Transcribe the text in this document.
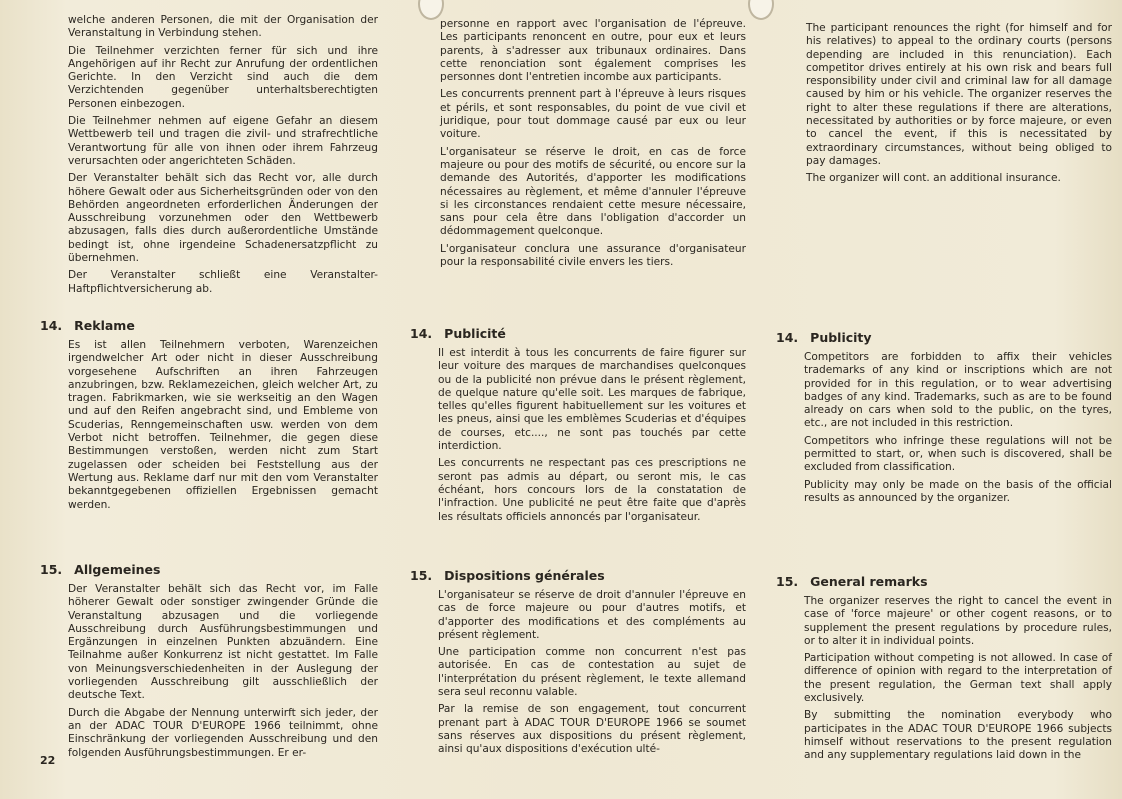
welche anderen Personen, die mit der Organisation der Veranstaltung in Verbindung stehen.

Die Teilnehmer verzichten ferner für sich und ihre Angehörigen auf ihr Recht zur Anrufung der ordentlichen Gerichte. In den Verzicht sind auch die dem Verzichtenden gegenüber unterhaltsberechtigten Personen einbezogen.

Die Teilnehmer nehmen auf eigene Gefahr an diesem Wettbewerb teil und tragen die zivil- und strafrechtliche Verantwortung für alle von ihnen oder ihrem Fahrzeug verursachten oder angerichteten Schäden.

Der Veranstalter behält sich das Recht vor, alle durch höhere Gewalt oder aus Sicherheitsgründen oder von den Behörden angeordneten erforderlichen Änderungen der Ausschreibung vorzunehmen oder den Wettbewerb abzusagen, falls dies durch außerordentliche Umstände bedingt ist, ohne irgendeine Schadenersatzpflicht zu übernehmen.

Der Veranstalter schließt eine Veranstalter-Haftpflichtversicherung ab.

14. Reklame

Es ist allen Teilnehmern verboten, Warenzeichen irgendwelcher Art oder nicht in dieser Ausschreibung vorgesehene Aufschriften an ihren Fahrzeugen anzubringen, bzw. Reklamezeichen, gleich welcher Art, zu tragen. Fabrikmarken, wie sie werkseitig an den Wagen und auf den Reifen angebracht sind, und Embleme von Scuderias, Renngemeinschaften usw. werden von dem Verbot nicht betroffen. Teilnehmer, die gegen diese Bestimmungen verstoßen, werden nicht zum Start zugelassen oder scheiden bei Feststellung aus der Wertung aus. Reklame darf nur mit den vom Veranstalter bekanntgegebenen offiziellen Ergebnissen gemacht werden.

15. Allgemeines

Der Veranstalter behält sich das Recht vor, im Falle höherer Gewalt oder sonstiger zwingender Gründe die Veranstaltung abzusagen und die vorliegende Ausschreibung durch Ausführungsbestimmungen und Ergänzungen in einzelnen Punkten abzuändern. Eine Teilnahme außer Konkurrenz ist nicht gestattet. Im Falle von Meinungsverschiedenheiten in der Auslegung der vorliegenden Ausschreibung gilt ausschließlich der deutsche Text.

Durch die Abgabe der Nennung unterwirft sich jeder, der an der ADAC TOUR D'EUROPE 1966 teilnimmt, ohne Einschränkung der vorliegenden Ausschreibung und den folgenden Ausführungsbestimmungen. Er er-

22

personne en rapport avec l'organisation de l'épreuve. Les participants renoncent en outre, pour eux et leurs parents, à s'adresser aux tribunaux ordinaires. Dans cette renonciation sont également comprises les personnes dont l'entretien incombe aux participants.

Les concurrents prennent part à l'épreuve à leurs risques et périls, et sont responsables, du point de vue civil et juridique, pour tout dommage causé par eux ou leur voiture.

L'organisateur se réserve le droit, en cas de force majeure ou pour des motifs de sécurité, ou encore sur la demande des Autorités, d'apporter les modifications nécessaires au règlement, et même d'annuler l'épreuve si les circonstances rendaient cette mesure nécessaire, sans pour cela être dans l'obligation d'accorder un dédommagement quelconque.

L'organisateur conclura une assurance d'organisateur pour la responsabilité civile envers les tiers.

14. Publicité

Il est interdit à tous les concurrents de faire figurer sur leur voiture des marques de marchandises quelconques ou de la publicité non prévue dans le présent règlement, de quelque nature qu'elle soit. Les marques de fabrique, telles qu'elles figurent habituellement sur les voitures et les pneus, ainsi que les emblèmes Scuderias et d'équipes de courses, etc...., ne sont pas touchés par cette interdiction.

Les concurrents ne respectant pas ces prescriptions ne seront pas admis au départ, ou seront mis, le cas échéant, hors concours lors de la constatation de l'infraction. Une publicité ne peut être faite que d'après les résultats officiels annoncés par l'organisateur.

15. Dispositions générales

L'organisateur se réserve de droit d'annuler l'épreuve en cas de force majeure ou pour d'autres motifs, et d'apporter des modifications et des compléments au présent règlement.

Une participation comme non concurrent n'est pas autorisée. En cas de contestation au sujet de l'interprétation du présent règlement, le texte allemand sera seul reconnu valable.

Par la remise de son engagement, tout concurrent prenant part à ADAC TOUR D'EUROPE 1966 se soumet sans réserves aux dispositions du présent règlement, ainsi qu'aux dispositions d'exécution ulté-

The participant renounces the right (for himself and for his relatives) to appeal to the ordinary courts (persons depending are included in this renunciation). Each competitor drives entirely at his own risk and bears full responsibility under civil and criminal law for all damage caused by him or his vehicle. The organizer reserves the right to alter these regulations if there are alterations, necessitated by authorities or by force majeure, or even to cancel the event, if this is necessitated by extraordinary circumstances, without being obliged to pay damages.

The organizer will cont. an additional insurance.

14. Publicity

Competitors are forbidden to affix their vehicles trademarks of any kind or inscriptions which are not provided for in this regulation, or to wear advertising badges of any kind. Trademarks, such as are to be found already on cars when sold to the public, on the tyres, etc., are not included in this restriction.

Competitors who infringe these regulations will not be permitted to start, or, when such is discovered, shall be excluded from classification.

Publicity may only be made on the basis of the official results as announced by the organizer.

15. General remarks

The organizer reserves the right to cancel the event in case of 'force majeure' or other cogent reasons, or to supplement the present regulations by procedure rules, or to alter it in individual points.

Participation without competing is not allowed. In case of difference of opinion with regard to the interpretation of the present regulation, the German text shall apply exclusively.

By submitting the nomination everybody who participates in the ADAC TOUR D'EUROPE 1966 subjects himself without reservations to the present regulation and any supplementary regulations laid down in the
